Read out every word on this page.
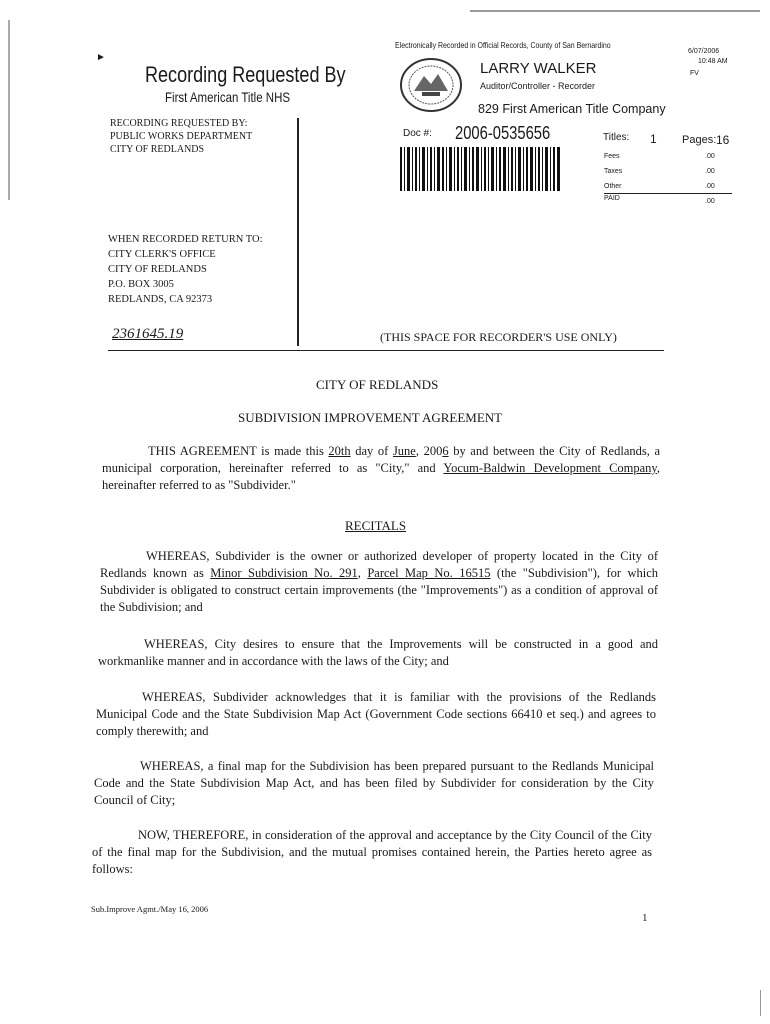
►
Electronically Recorded in Official Records, County of San Bernardino
6/07/2006
10:48 AM
FV
Recording Requested By
First American Title NHS
LARRY WALKER
Auditor/Controller - Recorder
829 First American Title Company
Doc #: 2006-0535656	Titles: 1 Pages: 16
Fees	.00
Taxes	.00
Other	.00
PAID	.00
RECORDING REQUESTED BY:
PUBLIC WORKS DEPARTMENT
CITY OF REDLANDS
WHEN RECORDED RETURN TO:
CITY CLERK'S OFFICE
CITY OF REDLANDS
P.O. BOX 3005
REDLANDS, CA 92373
2361645.19	(THIS SPACE FOR RECORDER'S USE ONLY)
CITY OF REDLANDS
SUBDIVISION IMPROVEMENT AGREEMENT
THIS AGREEMENT is made this 20th day of June, 2006 by and between the City of Redlands, a municipal corporation, hereinafter referred to as "City," and Yocum-Baldwin Development Company, hereinafter referred to as "Subdivider."
RECITALS
WHEREAS, Subdivider is the owner or authorized developer of property located in the City of Redlands known as Minor Subdivision No. 291, Parcel Map No. 16515 (the "Subdivision"), for which Subdivider is obligated to construct certain improvements (the "Improvements") as a condition of approval of the Subdivision; and
WHEREAS, City desires to ensure that the Improvements will be constructed in a good and workmanlike manner and in accordance with the laws of the City; and
WHEREAS, Subdivider acknowledges that it is familiar with the provisions of the Redlands Municipal Code and the State Subdivision Map Act (Government Code sections 66410 et seq.) and agrees to comply therewith; and
WHEREAS, a final map for the Subdivision has been prepared pursuant to the Redlands Municipal Code and the State Subdivision Map Act, and has been filed by Subdivider for consideration by the City Council of City;
NOW, THEREFORE, in consideration of the approval and acceptance by the City Council of the City of the final map for the Subdivision, and the mutual promises contained herein, the Parties hereto agree as follows:
Sub.Improve Agmt./May 16, 2006
1
